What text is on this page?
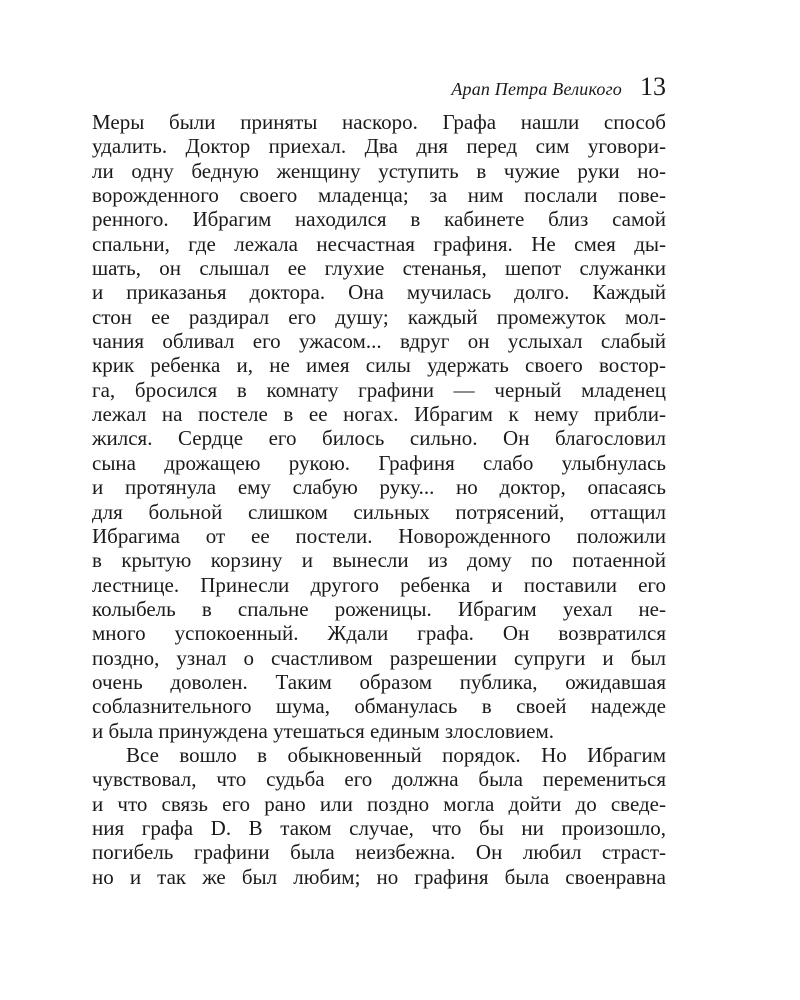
Арап Петра Великого 13
Меры были приняты наскоро. Графа нашли способ
удалить. Доктор приехал. Два дня перед сим уговори-
ли одну бедную женщину уступить в чужие руки но-
ворожденного своего младенца; за ним послали пове-
ренного. Ибрагим находился в кабинете близ самой
спальни, где лежала несчастная графиня. Не смея ды-
шать, он слышал ее глухие стенанья, шепот служанки
и приказанья доктора. Она мучилась долго. Каждый
стон ее раздирал его душу; каждый промежуток мол-
чания обливал его ужасом... вдруг он услыхал слабый
крик ребенка и, не имея силы удержать своего востор-
га, бросился в комнату графини — черный младенец
лежал на постеле в ее ногах. Ибрагим к нему прибли-
жился. Сердце его билось сильно. Он благословил
сына дрожащею рукою. Графиня слабо улыбнулась
и протянула ему слабую руку... но доктор, опасаясь
для больной слишком сильных потрясений, оттащил
Ибрагима от ее постели. Новорожденного положили
в крытую корзину и вынесли из дому по потаенной
лестнице. Принесли другого ребенка и поставили его
колыбель в спальне роженицы. Ибрагим уехал не-
много успокоенный. Ждали графа. Он возвратился
поздно, узнал о счастливом разрешении супруги и был
очень доволен. Таким образом публика, ожидавшая
соблазнительного шума, обманулась в своей надежде
и была принуждена утешаться единым злословием.
Все вошло в обыкновенный порядок. Но Ибрагим
чувствовал, что судьба его должна была перемениться
и что связь его рано или поздно могла дойти до сведе-
ния графа D. В таком случае, что бы ни произошло,
погибель графини была неизбежна. Он любил страст-
но и так же был любим; но графиня была своенравна
